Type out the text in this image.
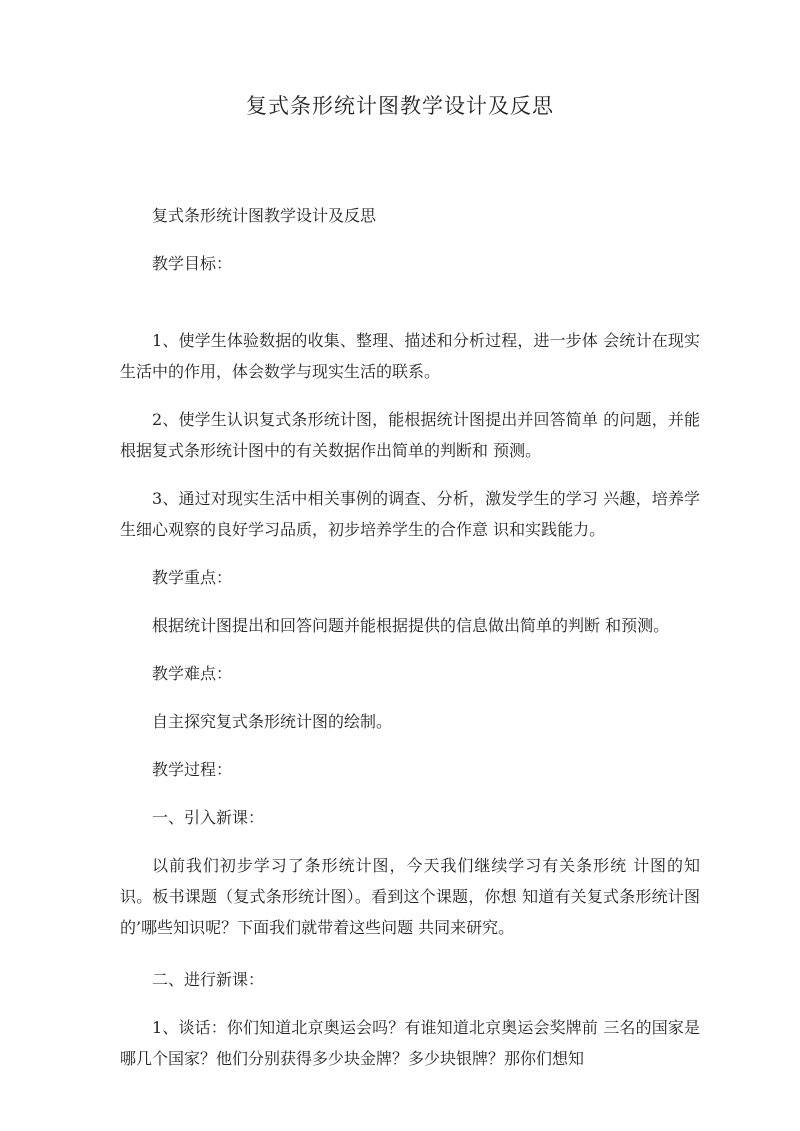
复式条形统计图教学设计及反思

复式条形统计图教学设计及反思

教学目标：

1、使学生体验数据的收集、整理、描述和分析过程，进一步体 会统计在现实生活中的作用，体会数学与现实生活的联系。

2、使学生认识复式条形统计图，能根据统计图提出并回答简单 的问题，并能根据复式条形统计图中的有关数据作出简单的判断和 预测。

3、通过对现实生活中相关事例的调查、分析，激发学生的学习 兴趣，培养学生细心观察的良好学习品质，初步培养学生的合作意 识和实践能力。

教学重点：

根据统计图提出和回答问题并能根据提供的信息做出简单的判断 和预测。

教学难点：

自主探究复式条形统计图的绘制。

教学过程：

一、引入新课：

以前我们初步学习了条形统计图，今天我们继续学习有关条形统 计图的知识。板书课题（复式条形统计图）。看到这个课题，你想 知道有关复式条形统计图的’哪些知识呢？下面我们就带着这些问题 共同来研究。

二、进行新课：

1、谈话：你们知道北京奥运会吗？有谁知道北京奥运会奖牌前 三名的国家是哪几个国家？他们分别获得多少块金牌？多少块银牌？那你们想知
